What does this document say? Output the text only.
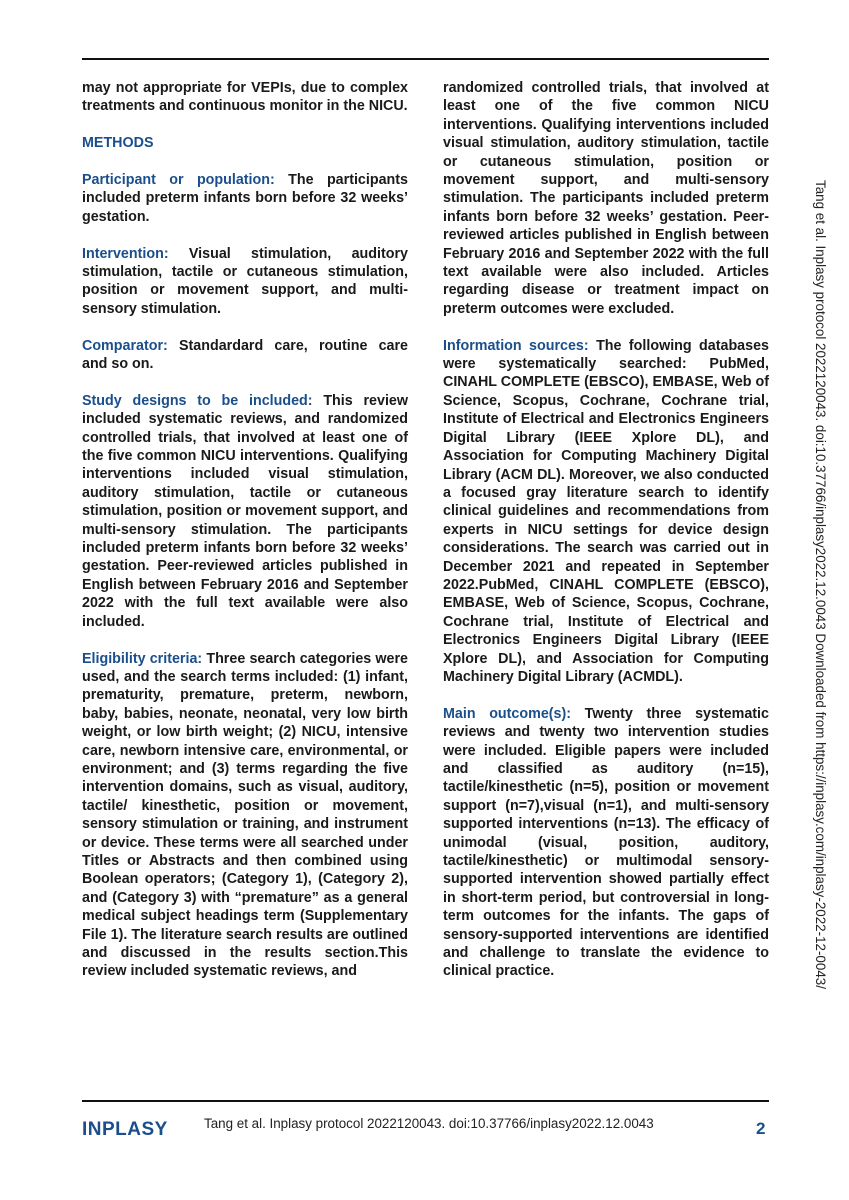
may not appropriate for VEPIs, due to complex treatments and continuous monitor in the NICU.

METHODS

Participant or population: The participants included preterm infants born before 32 weeks’ gestation.

Intervention: Visual stimulation, auditory stimulation, tactile or cutaneous stimulation, position or movement support, and multi-sensory stimulation.

Comparator: Standardard care, routine care and so on.

Study designs to be included: This review included systematic reviews, and randomized controlled trials, that involved at least one of the five common NICU interventions. Qualifying interventions included visual stimulation, auditory stimulation, tactile or cutaneous stimulation, position or movement support, and multi-sensory stimulation. The participants included preterm infants born before 32 weeks’ gestation. Peer-reviewed articles published in English between February 2016 and September 2022 with the full text available were also included.

Eligibility criteria: Three search categories were used, and the search terms included: (1) infant, prematurity, premature, preterm, newborn, baby, babies, neonate, neonatal, very low birth weight, or low birth weight; (2) NICU, intensive care, newborn intensive care, environmental, or environment; and (3) terms regarding the five intervention domains, such as visual, auditory, tactile/ kinesthetic, position or movement, sensory stimulation or training, and instrument or device. These terms were all searched under Titles or Abstracts and then combined using Boolean operators; (Category 1), (Category 2), and (Category 3) with “premature” as a general medical subject headings term (Supplementary File 1). The literature search results are outlined and discussed in the results section.This review included systematic reviews, and

randomized controlled trials, that involved at least one of the five common NICU interventions. Qualifying interventions included visual stimulation, auditory stimulation, tactile or cutaneous stimulation, position or movement support, and multi-sensory stimulation. The participants included preterm infants born before 32 weeks’ gestation. Peer-reviewed articles published in English between February 2016 and September 2022 with the full text available were also included. Articles regarding disease or treatment impact on preterm outcomes were excluded.

Information sources: The following databases were systematically searched: PubMed, CINAHL COMPLETE (EBSCO), EMBASE, Web of Science, Scopus, Cochrane, Cochrane trial, Institute of Electrical and Electronics Engineers Digital Library (IEEE Xplore DL), and Association for Computing Machinery Digital Library (ACM DL). Moreover, we also conducted a focused gray literature search to identify clinical guidelines and recommendations from experts in NICU settings for device design considerations. The search was carried out in December 2021 and repeated in September 2022.PubMed, CINAHL COMPLETE (EBSCO), EMBASE, Web of Science, Scopus, Cochrane, Cochrane trial, Institute of Electrical and Electronics Engineers Digital Library (IEEE Xplore DL), and Association for Computing Machinery Digital Library (ACMDL).

Main outcome(s): Twenty three systematic reviews and twenty two intervention studies were included. Eligible papers were included and classified as auditory (n=15), tactile/kinesthetic (n=5), position or movement support (n=7),visual (n=1), and multi-sensory supported interventions (n=13). The efficacy of unimodal (visual, position, auditory, tactile/kinesthetic) or multimodal sensory-supported intervention showed partially effect in short-term period, but controversial in long-term outcomes for the infants. The gaps of sensory-supported interventions are identified and challenge to translate the evidence to clinical practice.	Tang et al. Inplasy protocol 2022120043. doi:10.37766/inplasy2022.12.0043 Downloaded from https://inplasy.com/inplasy-2022-12-0043/
INPLASY	Tang et al. Inplasy protocol 2022120043. doi:10.37766/inplasy2022.12.0043	2
